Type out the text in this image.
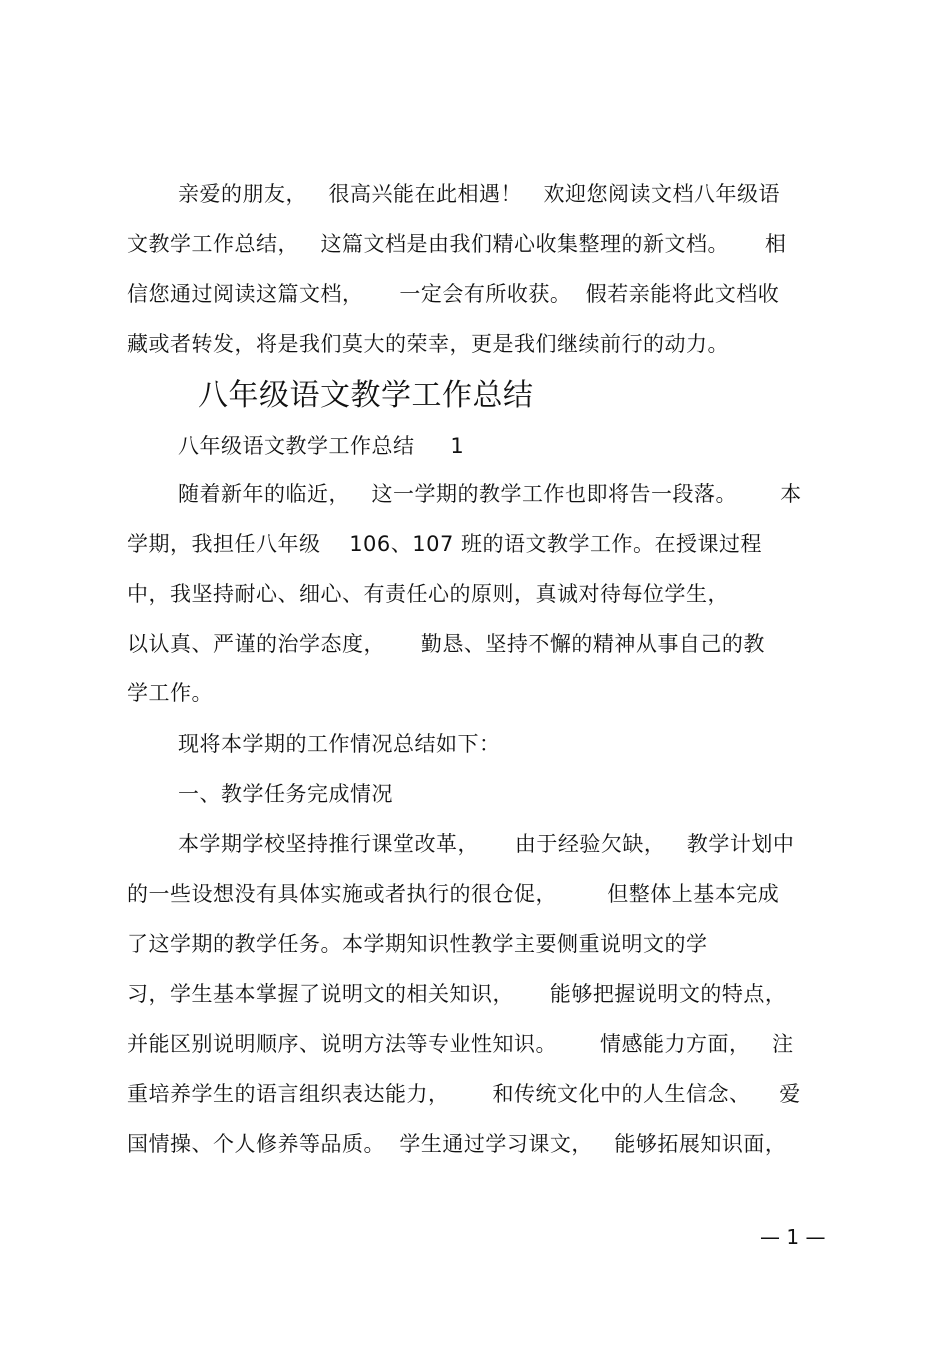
亲爱的朋友，   很高兴能在此相遇！   欢迎您阅读文档八年级语
文教学工作总结，   这篇文档是由我们精心收集整理的新文档。     相
信您通过阅读这篇文档，     一定会有所收获。  假若亲能将此文档收
藏或者转发，将是我们莫大的荣幸，更是我们继续前行的动力。
八年级语文教学工作总结
八年级语文教学工作总结     1
随着新年的临近，   这一学期的教学工作也即将告一段落。      本
学期，我担任八年级    106、107 班的语文教学工作。在授课过程
中，我坚持耐心、细心、有责任心的原则，真诚对待每位学生，
以认真、严谨的治学态度，     勤恳、坚持不懈的精神从事自己的教
学工作。
现将本学期的工作情况总结如下：
一、教学任务完成情况
本学期学校坚持推行课堂改革，     由于经验欠缺，   教学计划中
的一些设想没有具体实施或者执行的很仓促，       但整体上基本完成
了这学期的教学任务。本学期知识性教学主要侧重说明文的学
习，学生基本掌握了说明文的相关知识，     能够把握说明文的特点，
并能区别说明顺序、说明方法等专业性知识。      情感能力方面，   注
重培养学生的语言组织表达能力，      和传统文化中的人生信念、    爱
国情操、个人修养等品质。  学生通过学习课文，   能够拓展知识面，
— 1 —
